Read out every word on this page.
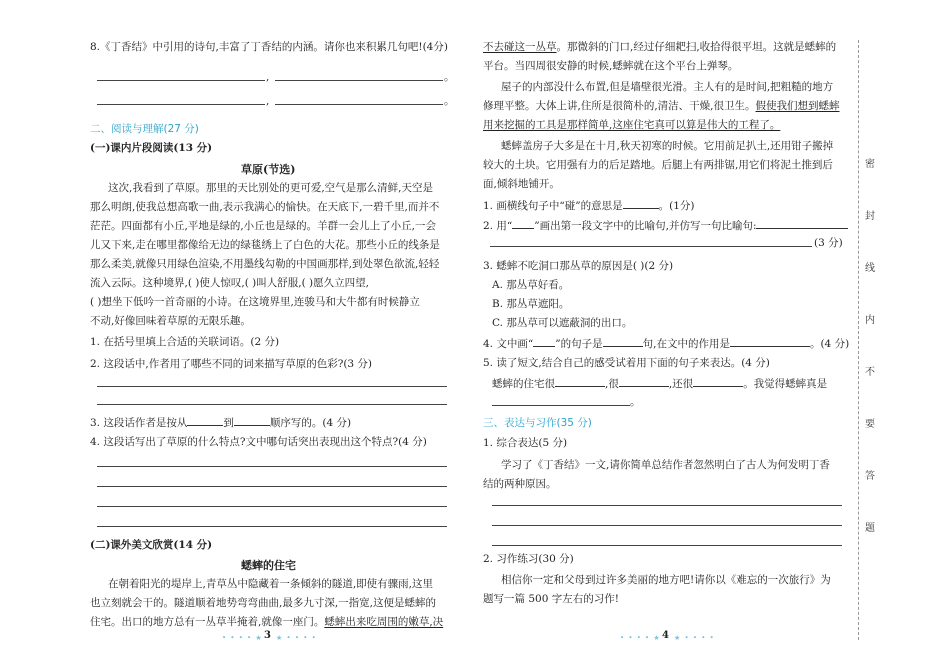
8.《丁香结》中引用的诗句,丰富了丁香结的内涵。请你也来积累几句吧!(4分)
,	。
,	。
二、阅读与理解(27 分)
(一)课内片段阅读(13 分)
草原(节选)
这次,我看到了草原。那里的天比别处的更可爱,空气是那么清鲜,天空是
那么明朗,使我总想高歌一曲,表示我满心的愉快。在天底下,一碧千里,而并不
茫茫。四面都有小丘,平地是绿的,小丘也是绿的。羊群一会儿上了小丘,一会
儿又下来,走在哪里都像给无边的绿毯绣上了白色的大花。那些小丘的线条是
那么柔美,就像只用绿色渲染,不用墨线勾勒的中国画那样,到处翠色欲流,轻轻
流入云际。这种境界,( )使人惊叹,( )叫人舒服,( )愿久立四望,
( )想坐下低吟一首奇丽的小诗。在这境界里,连骏马和大牛都有时候静立
不动,好像回味着草原的无限乐趣。
1. 在括号里填上合适的关联词语。(2 分)
2. 这段话中,作者用了哪些不同的词来描写草原的色彩?(3 分)
3. 这段话作者是按从	到	顺序写的。(4 分)
4. 这段话写出了草原的什么特点?文中哪句话突出表现出这个特点?(4 分)
(二)课外美文欣赏(14 分)
蟋蟀的住宅
在朝着阳光的堤岸上,青草丛中隐藏着一条倾斜的隧道,即使有骤雨,这里
也立刻就会干的。隧道顺着地势弯弯曲曲,最多九寸深,一指宽,这便是蟋蟀的
住宅。出口的地方总有一丛草半掩着,就像一座门。蟋蟀出来吃周围的嫩草,决
• • • • ★ 3 ★ • • • •
不去碰这一丛草。那微斜的门口,经过仔细耙扫,收拾得很平坦。这就是蟋蟀的
平台。当四周很安静的时候,蟋蟀就在这个平台上弹琴。
屋子的内部没什么布置,但是墙壁很光滑。主人有的是时间,把粗糙的地方
修理平整。大体上讲,住所是很简朴的,清洁、干燥,很卫生。假使我们想到蟋蟀
用来挖掘的工具是那样简单,这座住宅真可以算是伟大的工程了。
蟋蟀盖房子大多是在十月,秋天初寒的时候。它用前足扒土,还用钳子搬掉
较大的土块。它用强有力的后足踏地。后腿上有两排锯,用它们将泥土推到后
面,倾斜地铺开。
1. 画横线句子中“碰”的意思是	。(1分)
2. 用“ ”画出第一段文字中的比喻句,并仿写一句比喻句:
(3 分)
3. 蟋蟀不吃洞口那丛草的原因是( )(2 分)
A. 那丛草好看。
B. 那丛草遮阳。
C. 那丛草可以遮蔽洞的出口。
4. 文中画“ ”的句子是	句,在文中的作用是	。(4 分)
5. 读了短文,结合自己的感受试着用下面的句子来表达。(4 分)
蟋蟀的住宅很	,很	,还很	。我觉得蟋蟀真是
。
三、表达与习作(35 分)
1. 综合表达(5 分)
学习了《丁香结》一文,请你简单总结作者忽然明白了古人为何发明丁香
结的两种原因。
2. 习作练习(30 分)
相信你一定和父母到过许多美丽的地方吧!请你以《难忘的一次旅行》为
题写一篇 500 字左右的习作!
• • • • ★ 4 ★ • • • •
密
封
线
内
不
要
答
题
